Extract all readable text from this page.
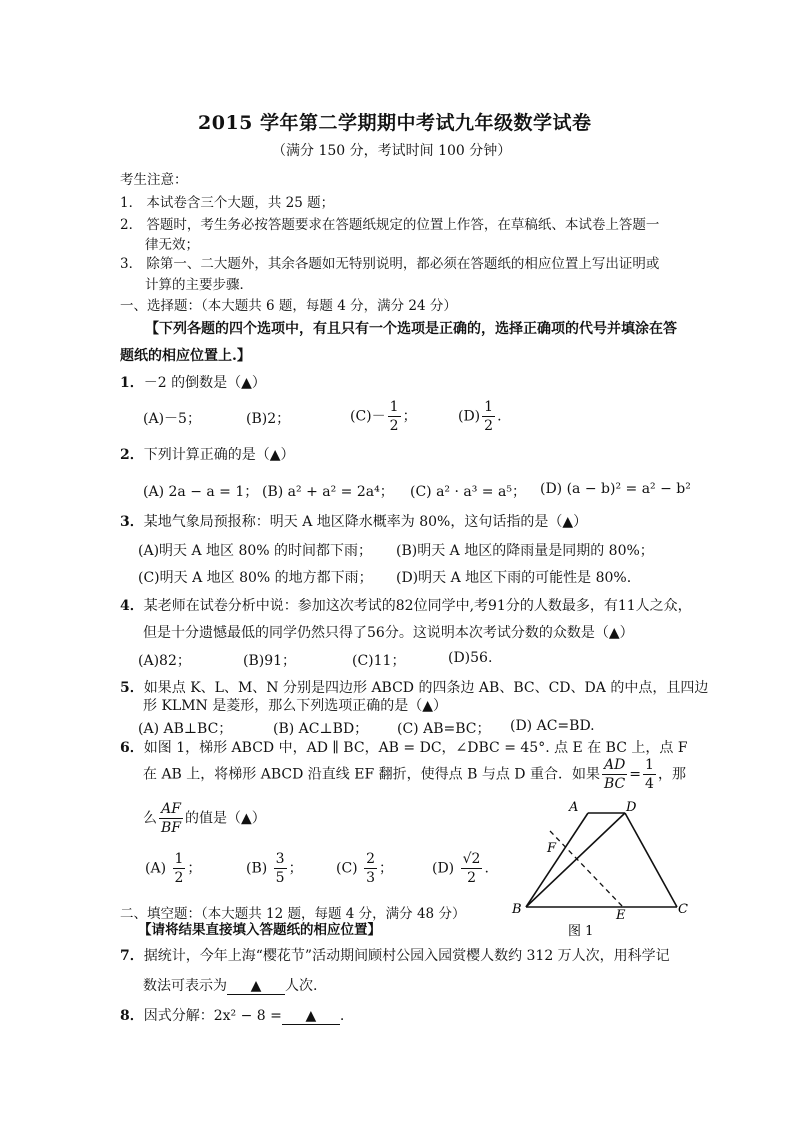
2015 学年第二学期期中考试九年级数学试卷
（满分 150 分，考试时间 100 分钟）
考生注意：
1． 本试卷含三个大题，共 25 题；
2． 答题时，考生务必按答题要求在答题纸规定的位置上作答，在草稿纸、本试卷上答题一
律无效；
3． 除第一、二大题外，其余各题如无特别说明，都必须在答题纸的相应位置上写出证明或
计算的主要步骤．
一、选择题：（本大题共 6 题，每题 4 分，满分 24 分）
【下列各题的四个选项中，有且只有一个选项是正确的，选择正确项的代号并填涂在答
题纸的相应位置上.】
1．－2 的倒数是（▲）
(A)－5；	(B)2；	$(C)- \frac{1}{2}$ ；	$(D) \frac{1}{2}$ .
2．下列计算正确的是（▲）
(A) 2a − a = 1； (B) a² + a² = 2a⁴； (C) a² · a³ = a⁵； (D) (a − b)² = a² − b²
3．某地气象局预报称：明天 A 地区降水概率为 80%，这句话指的是（▲）
(A)明天 A 地区 80% 的时间都下雨； (B)明天 A 地区的降雨量是同期的 80%；
(C)明天 A 地区 80% 的地方都下雨； (D)明天 A 地区下雨的可能性是 80%.
4．某老师在试卷分析中说：参加这次考试的82位同学中,考91分的人数最多，有11人之众，
但是十分遗憾最低的同学仍然只得了56分。这说明本次考试分数的众数是（▲）
(A)82；	(B)91；	(C)11；	(D)56.
5．如果点 K、L、M、N 分别是四边形 ABCD 的四条边 AB、BC、CD、DA 的中点，且四边
形 KLMN 是菱形，那么下列选项正确的是（▲）
(A) AB⊥BC；	(B) AC⊥BD； (C) AB=BC； (D) AC=BD.
6．如图 1，梯形 ABCD 中，AD ∥ BC，AB = DC，∠DBC = 45°. 点 E 在 BC 上，点 F
在 AB 上，将梯形 ABCD 沿直线 EF 翻折，使得点 B 与点 D 重合．如果 $\frac{AD}{BC} = \frac{1}{4}$ ，那
么 $\frac{AF}{BF}$ 的值是（▲）
$(A) \frac{1}{2}$ ；	$(B) \frac{3}{5}$ ； $(C) \frac{2}{3}$ ；	$(D) \frac{√2}{2}$ .
A	D
F
B	E	C
图 1
二、填空题：（本大题共 12 题，每题 4 分，满分 48 分）
【请将结果直接填入答题纸的相应位置】
7．据统计，今年上海“樱花节”活动期间顾村公园入园赏樱人数约 312 万人次，用科学记
数法可表示为 ▲ 人次.
8．因式分解：2x² − 8 = ▲ .
